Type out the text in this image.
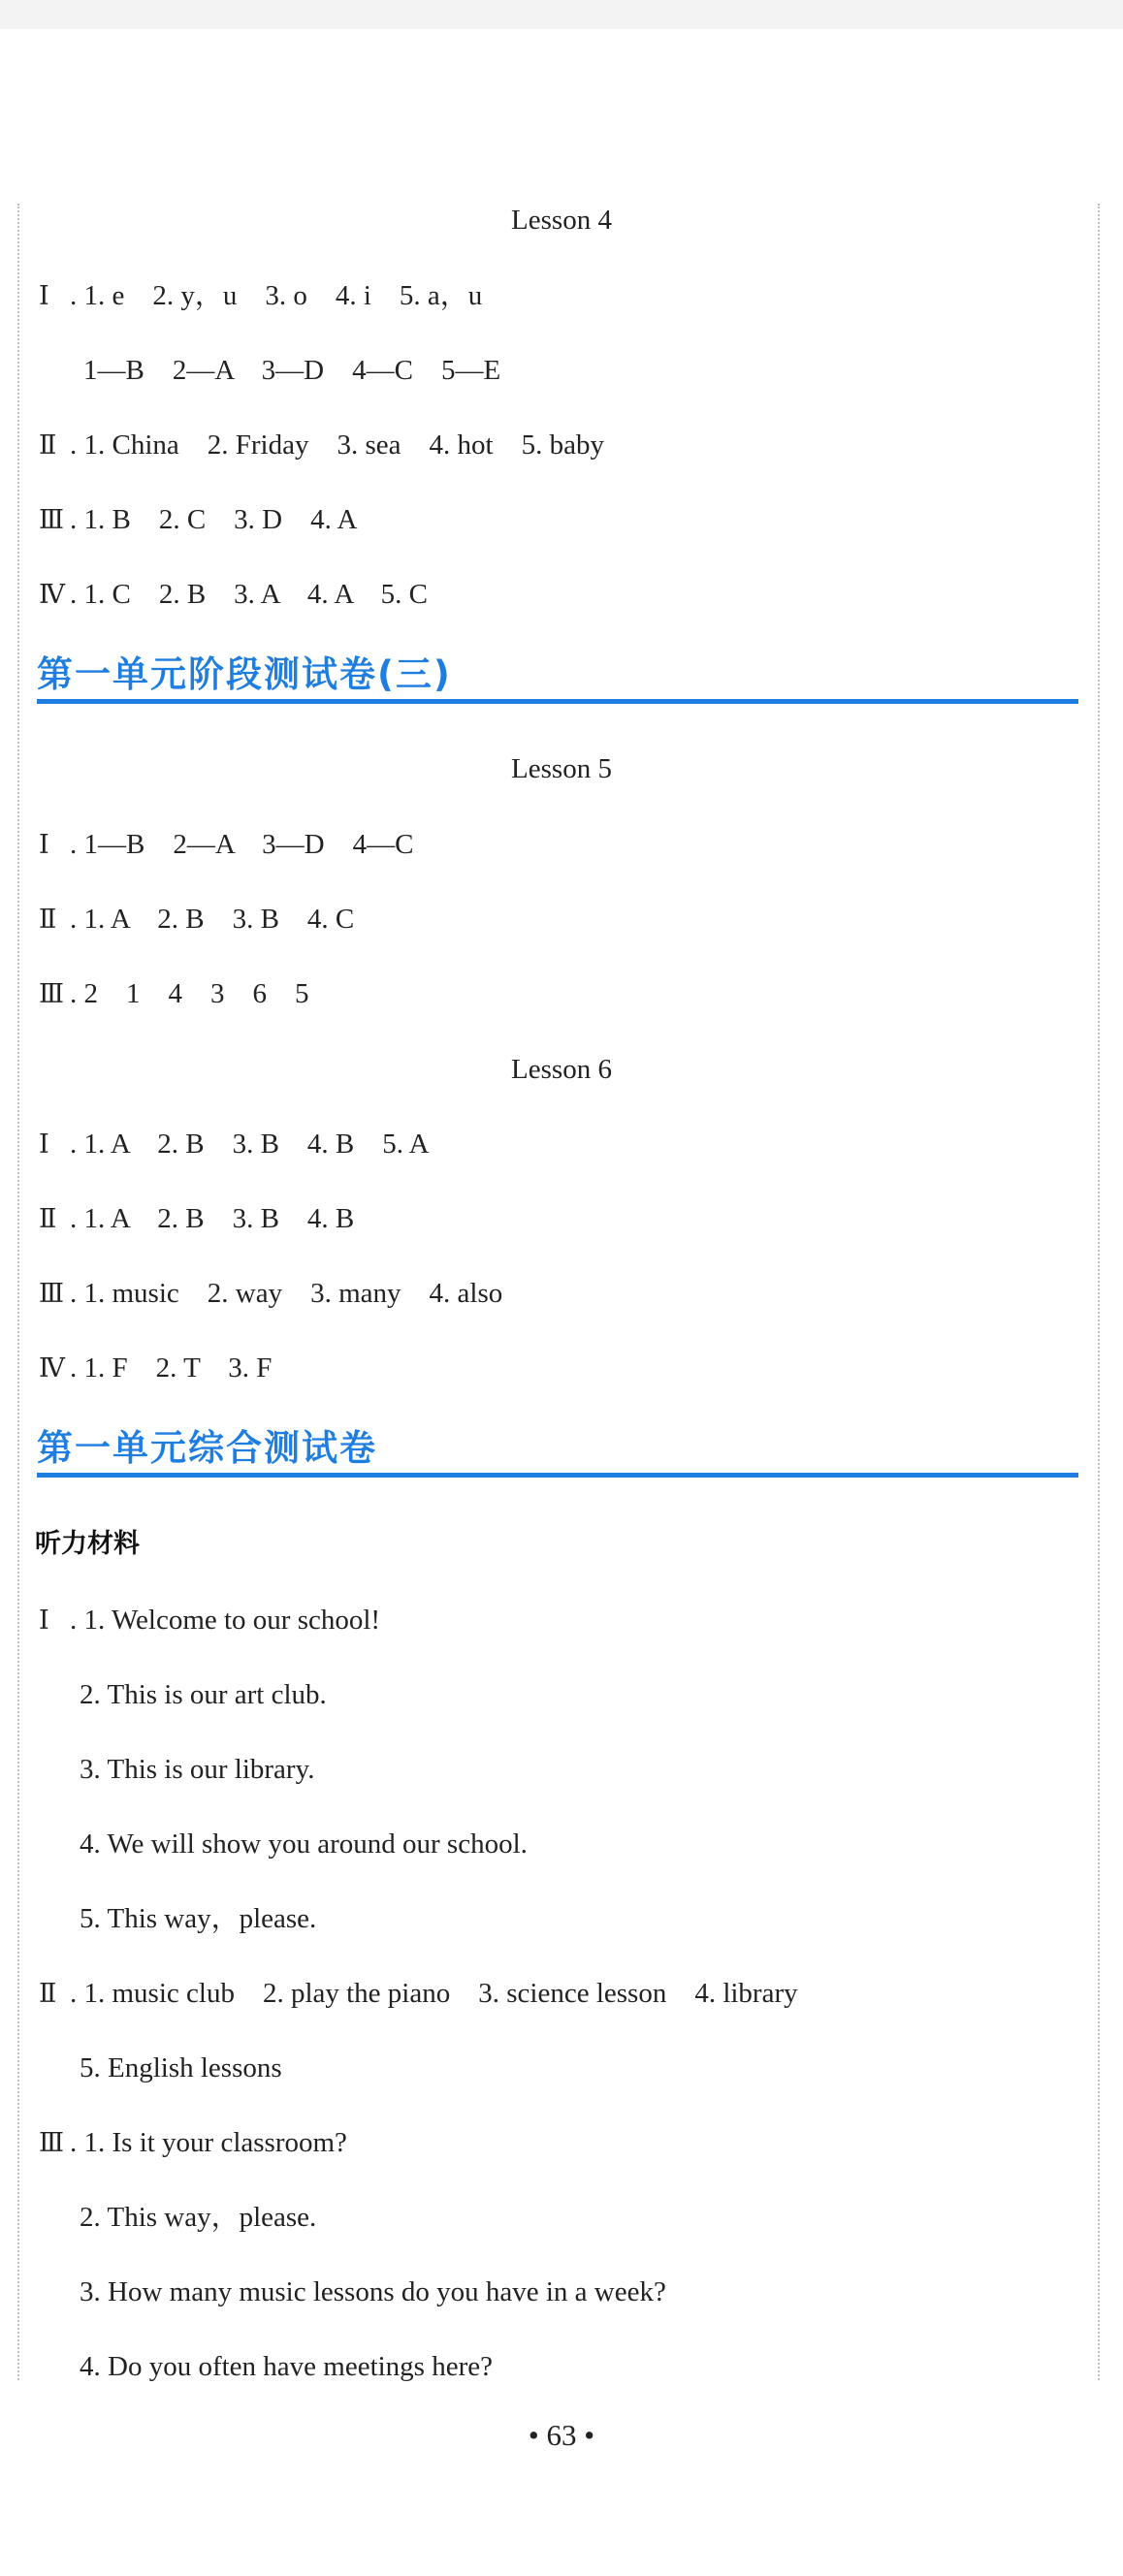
Lesson 4
Ⅰ . 1. e    2. y，u    3. o    4. i    5. a，u
1—B    2—A    3—D    4—C    5—E
Ⅱ . 1. China    2. Friday    3. sea    4. hot    5. baby
Ⅲ . 1. B    2. C    3. D    4. A
Ⅳ . 1. C    2. B    3. A    4. A    5. C
第一单元阶段测试卷(三)
Lesson 5
Ⅰ . 1—B    2—A    3—D    4—C
Ⅱ . 1. A    2. B    3. B    4. C
Ⅲ . 2    1    4    3    6    5
Lesson 6
Ⅰ . 1. A    2. B    3. B    4. B    5. A
Ⅱ . 1. A    2. B    3. B    4. B
Ⅲ . 1. music    2. way    3. many    4. also
Ⅳ . 1. F    2. T    3. F
第一单元综合测试卷
听力材料
Ⅰ . 1. Welcome to our school!
2. This is our art club.
3. This is our library.
4. We will show you around our school.
5. This way，please.
Ⅱ . 1. music club    2. play the piano    3. science lesson    4. library
5. English lessons
Ⅲ . 1. Is it your classroom?
2. This way，please.
3. How many music lessons do you have in a week?
4. Do you often have meetings here?
• 63 •
